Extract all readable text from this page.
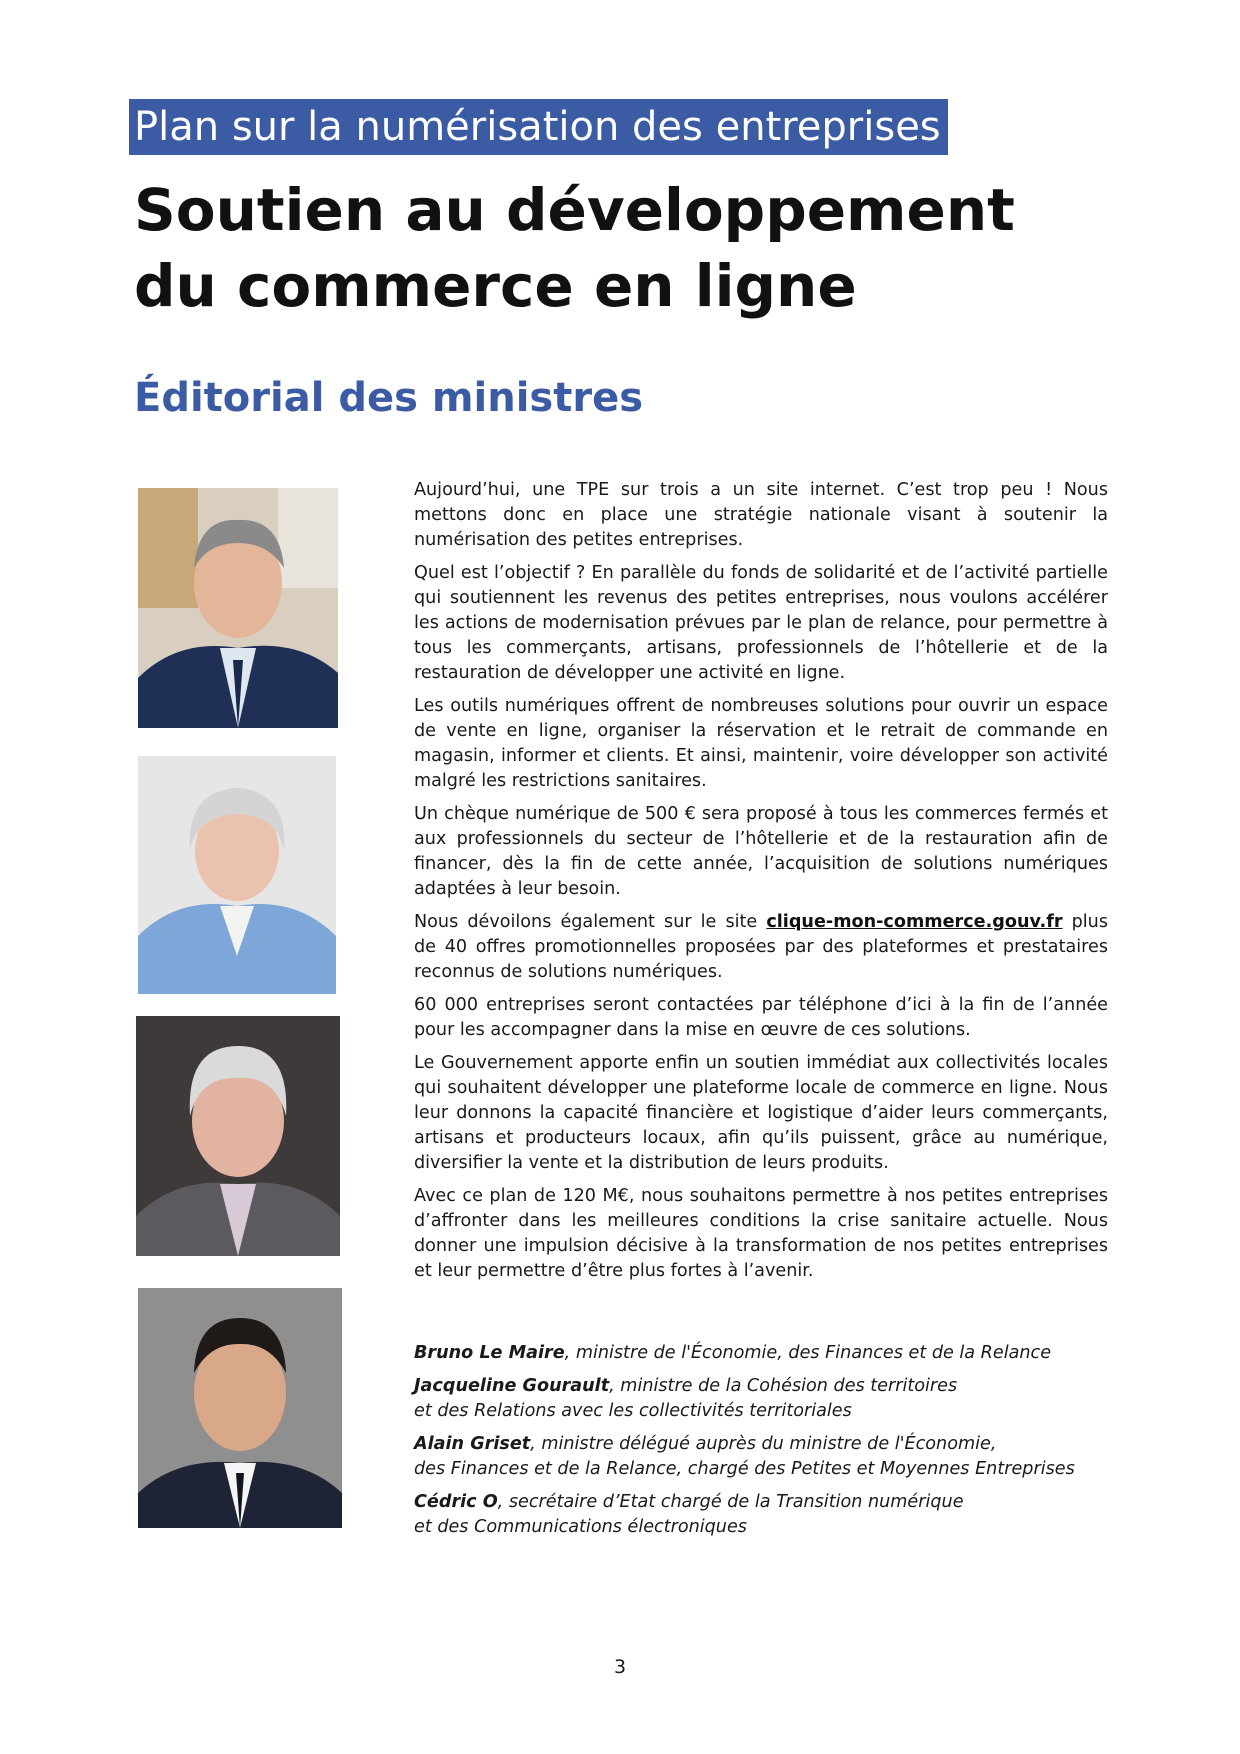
Plan sur la numérisation des entreprises
Soutien au développement
du commerce en ligne
Éditorial des ministres

Aujourd’hui, une TPE sur trois a un site internet. C’est trop peu ! Nous mettons donc en place une stratégie nationale visant à soutenir la numérisation des petites entreprises.

Quel est l’objectif ? En parallèle du fonds de solidarité et de l’activité partielle qui soutiennent les revenus des petites entreprises, nous voulons accélérer les actions de modernisation prévues par le plan de relance, pour permettre à tous les commerçants, artisans, professionnels de l’hôtellerie et de la restauration de développer une activité en ligne.

Les outils numériques offrent de nombreuses solutions pour ouvrir un espace de vente en ligne, organiser la réservation et le retrait de commande en magasin, informer et clients. Et ainsi, maintenir, voire développer son activité malgré les restrictions sanitaires.

Un chèque numérique de 500 € sera proposé à tous les commerces fermés et aux professionnels du secteur de l’hôtellerie et de la restauration afin de financer, dès la fin de cette année, l’acquisition de solutions numériques adaptées à leur besoin.

Nous dévoilons également sur le site clique-mon-commerce.gouv.fr plus de 40 offres promotionnelles proposées par des plateformes et prestataires reconnus de solutions numériques.

60 000 entreprises seront contactées par téléphone d’ici à la fin de l’année pour les accompagner dans la mise en œuvre de ces solutions.

Le Gouvernement apporte enfin un soutien immédiat aux collectivités locales qui souhaitent développer une plateforme locale de commerce en ligne. Nous leur donnons la capacité financière et logistique d’aider leurs commerçants, artisans et producteurs locaux, afin qu’ils puissent, grâce au numérique, diversifier la vente et la distribution de leurs produits.

Avec ce plan de 120 M€, nous souhaitons permettre à nos petites entreprises d’affronter dans les meilleures conditions la crise sanitaire actuelle. Nous donner une impulsion décisive à la transformation de nos petites entreprises et leur permettre d’être plus fortes à l’avenir.

Bruno Le Maire, ministre de l'Économie, des Finances et de la Relance
Jacqueline Gourault, ministre de la Cohésion des territoires
et des Relations avec les collectivités territoriales
Alain Griset, ministre délégué auprès du ministre de l'Économie,
des Finances et de la Relance, chargé des Petites et Moyennes Entreprises
Cédric O, secrétaire d’Etat chargé de la Transition numérique
et des Communications électroniques
3
